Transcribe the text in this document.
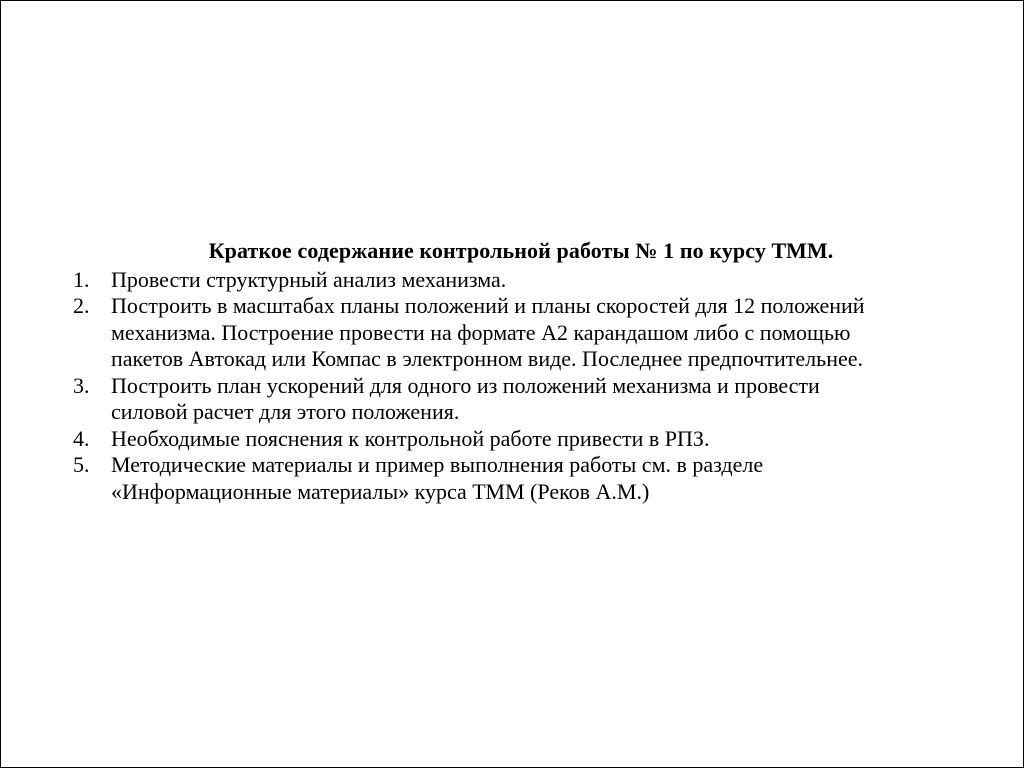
Краткое содержание контрольной работы № 1 по курсу ТММ.
1. Провести структурный анализ механизма.
2. Построить в масштабах планы положений и планы скоростей для 12 положений
механизма. Построение провести на формате А2 карандашом либо с помощью
пакетов Автокад или Компас в электронном виде. Последнее предпочтительнее.
3. Построить план ускорений для одного из положений механизма и провести
силовой расчет для этого положения.
4. Необходимые пояснения к контрольной работе привести в РПЗ.
5. Методические материалы и пример выполнения работы см. в разделе
«Информационные материалы» курса ТММ (Реков А.М.)
